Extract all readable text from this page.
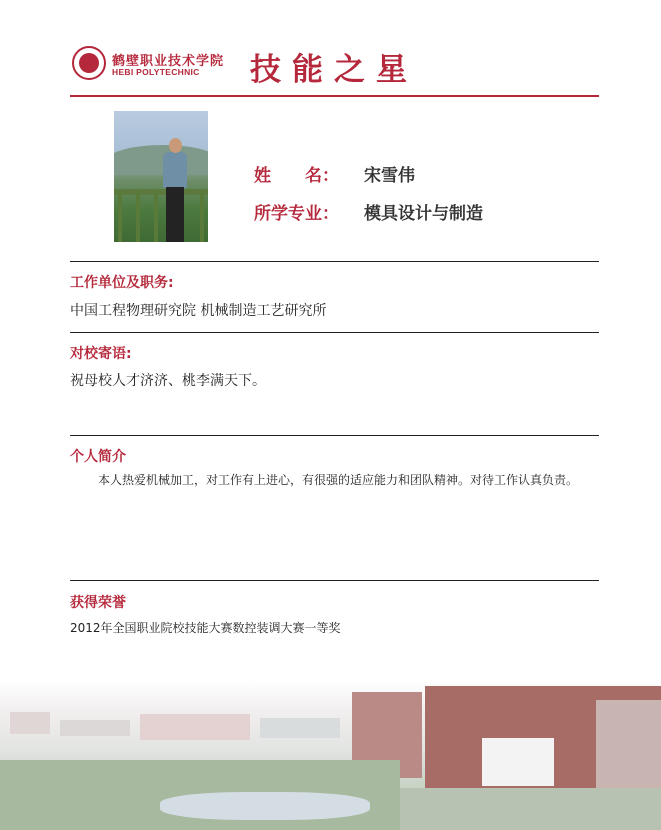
鹤壁职业技术学院
HEBI POLYTECHNIC 技能之星
姓　　名： 宋雪伟
所学专业： 模具设计与制造
工作单位及职务:
中国工程物理研究院 机械制造工艺研究所
对校寄语:
祝母校人才济济、桃李满天下。
个人简介
本人热爱机械加工，对工作有上进心，有很强的适应能力和团队精神。对待工作认真负责。
获得荣誉
2012年全国职业院校技能大赛数控装调大赛一等奖
